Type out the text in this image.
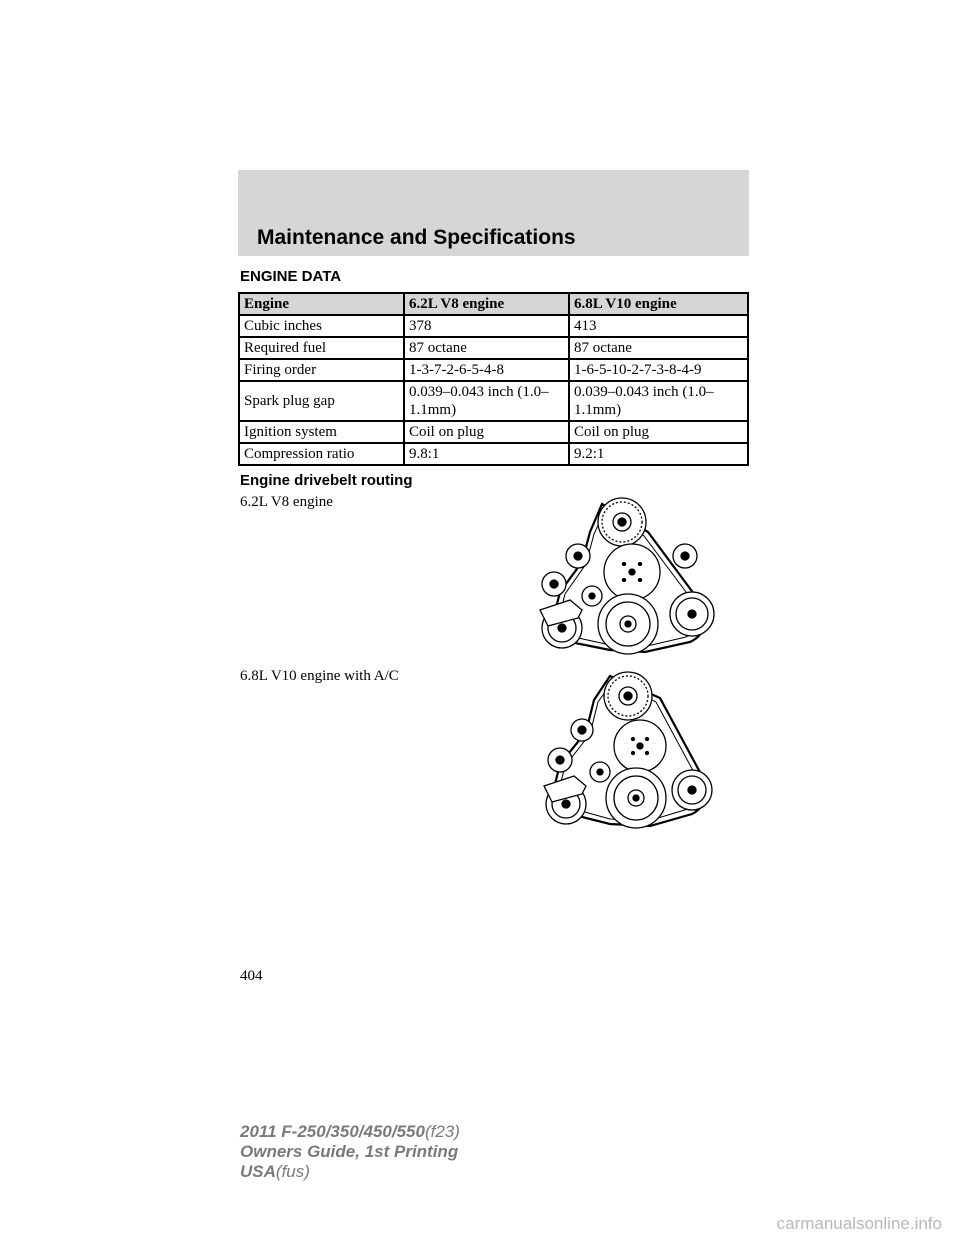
Maintenance and Specifications
ENGINE DATA
Engine	6.2L V8 engine	6.8L V10 engine
Cubic inches	378	413
Required fuel	87 octane	87 octane
Firing order	1-3-7-2-6-5-4-8	1-6-5-10-2-7-3-8-4-9
Spark plug gap	0.039–0.043 inch (1.0–1.1mm)	0.039–0.043 inch (1.0–1.1mm)
Ignition system	Coil on plug	Coil on plug
Compression ratio	9.8:1	9.2:1
Engine drivebelt routing
6.2L V8 engine
6.8L V10 engine with A/C
404
2011 F-250/350/450/550(f23)
Owners Guide, 1st Printing
USA(fus)
carmanualsonline.info
